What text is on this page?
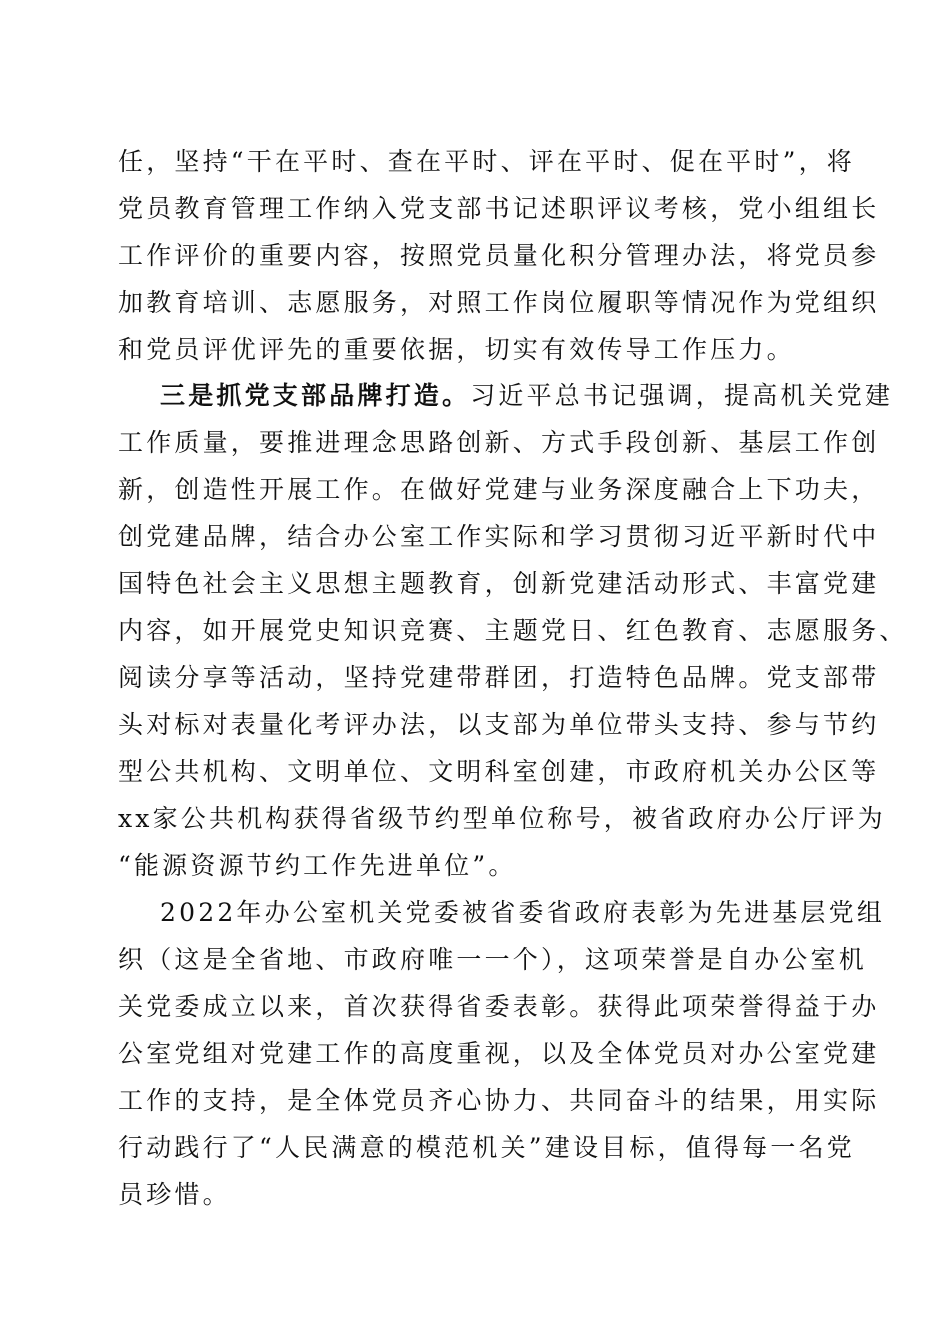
任，坚持“干在平时、查在平时、评在平时、促在平时”，将
党员教育管理工作纳入党支部书记述职评议考核，党小组组长
工作评价的重要内容，按照党员量化积分管理办法，将党员参
加教育培训、志愿服务，对照工作岗位履职等情况作为党组织
和党员评优评先的重要依据，切实有效传导工作压力。
三是抓党支部品牌打造。习近平总书记强调，提高机关党建
工作质量，要推进理念思路创新、方式手段创新、基层工作创
新，创造性开展工作。在做好党建与业务深度融合上下功夫，
创党建品牌，结合办公室工作实际和学习贯彻习近平新时代中
国特色社会主义思想主题教育，创新党建活动形式、丰富党建
内容，如开展党史知识竞赛、主题党日、红色教育、志愿服务、
阅读分享等活动，坚持党建带群团，打造特色品牌。党支部带
头对标对表量化考评办法，以支部为单位带头支持、参与节约
型公共机构、文明单位、文明科室创建，市政府机关办公区等
xx家公共机构获得省级节约型单位称号，被省政府办公厅评为
“能源资源节约工作先进单位”。
2022年办公室机关党委被省委省政府表彰为先进基层党组
织（这是全省地、市政府唯一一个），这项荣誉是自办公室机
关党委成立以来，首次获得省委表彰。获得此项荣誉得益于办
公室党组对党建工作的高度重视，以及全体党员对办公室党建
工作的支持，是全体党员齐心协力、共同奋斗的结果，用实际
行动践行了“人民满意的模范机关”建设目标，值得每一名党
员珍惜。
